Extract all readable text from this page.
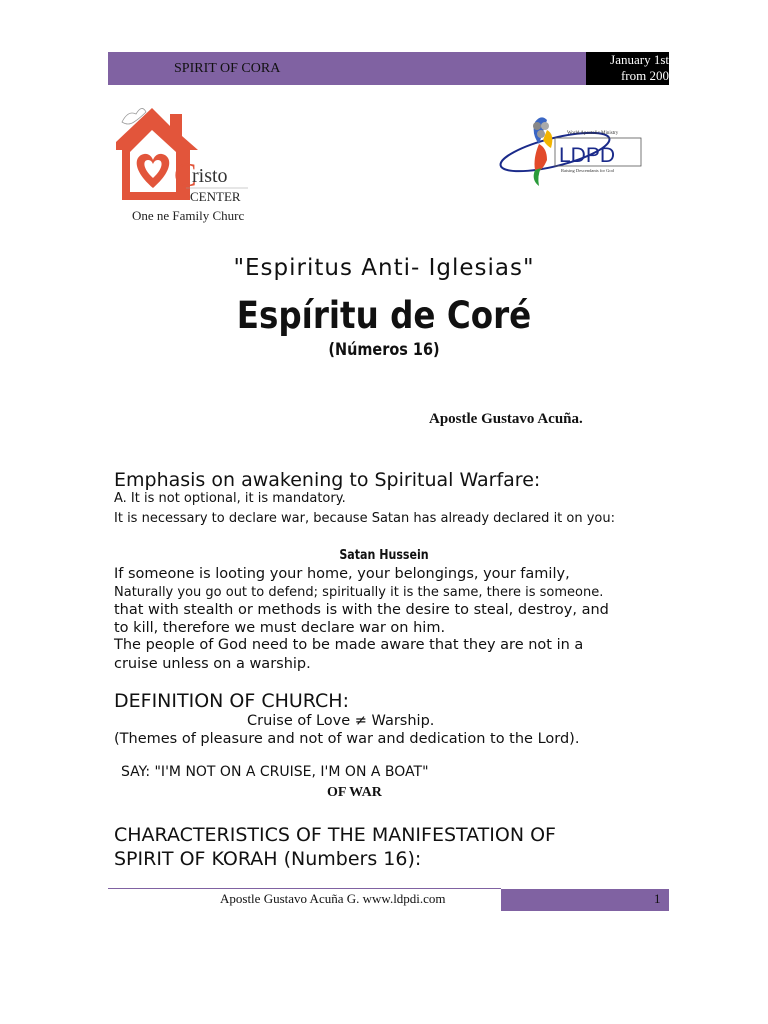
SPIRIT OF CORA
January 1st
from 200
C
risto
CENTER
One ne Family Churc
World Apostolic Ministry
LDPD
Raising Descendants for God
"Espiritus Anti- Iglesias"
Espíritu de Coré
(Números 16)
Apostle Gustavo Acuña.
Emphasis on awakening to Spiritual Warfare:
A. It is not optional, it is mandatory.
It is necessary to declare war, because Satan has already declared it on you:
Satan Hussein
If someone is looting your home, your belongings, your family,
Naturally you go out to defend; spiritually it is the same, there is someone.
that with stealth or methods is with the desire to steal, destroy, and
to kill, therefore we must declare war on him.
The people of God need to be made aware that they are not in a
cruise unless on a warship.
DEFINITION OF CHURCH:
Cruise of Love ≠ Warship.
(Themes of pleasure and not of war and dedication to the Lord).
SAY: "I'M NOT ON A CRUISE, I'M ON A BOAT"
OF WAR
CHARACTERISTICS OF THE MANIFESTATION OF
SPIRIT OF KORAH (Numbers 16):
Apostle Gustavo Acuña G. www.ldpdi.com	1
